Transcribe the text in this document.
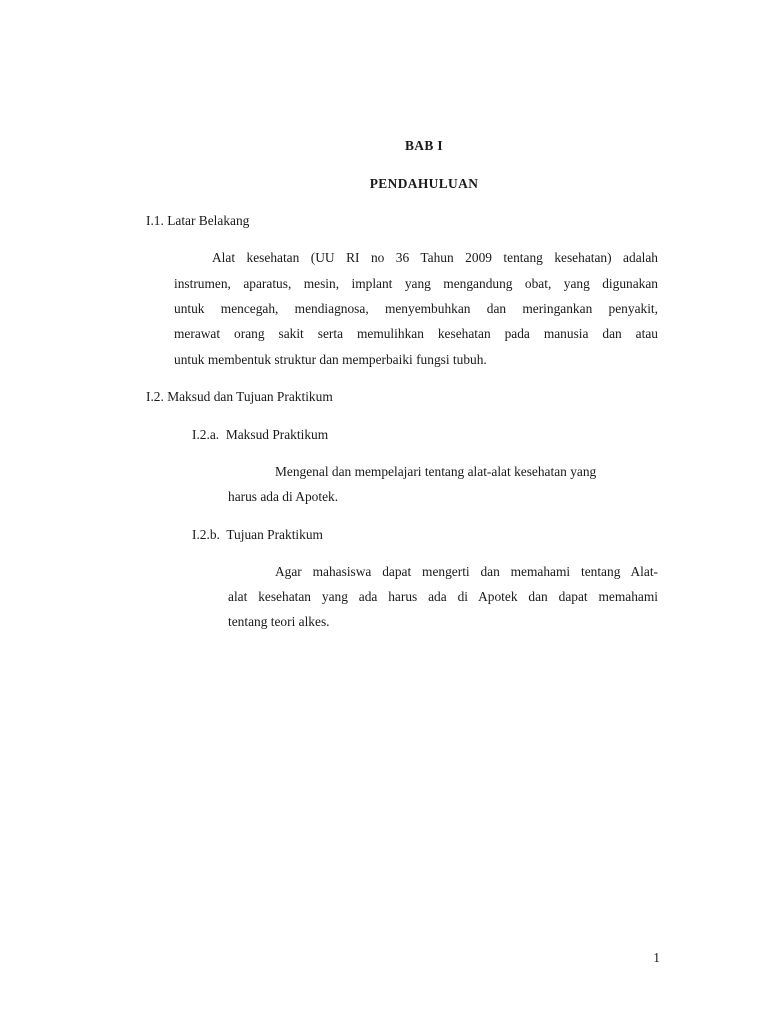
BAB I
PENDAHULUAN
I.1. Latar Belakang
Alat kesehatan (UU RI no 36 Tahun 2009 tentang kesehatan) adalah
instrumen, aparatus, mesin, implant yang mengandung obat, yang digunakan
untuk mencegah, mendiagnosa, menyembuhkan dan meringankan penyakit,
merawat orang sakit serta memulihkan kesehatan pada manusia dan atau
untuk membentuk struktur dan memperbaiki fungsi tubuh.
I.2. Maksud dan Tujuan Praktikum
I.2.a.  Maksud Praktikum
Mengenal dan mempelajari tentang alat-alat kesehatan yang
harus ada di Apotek.
I.2.b.  Tujuan Praktikum
Agar mahasiswa dapat mengerti dan memahami tentang Alat-
alat kesehatan yang ada harus ada di Apotek dan dapat memahami
tentang teori alkes.
1
